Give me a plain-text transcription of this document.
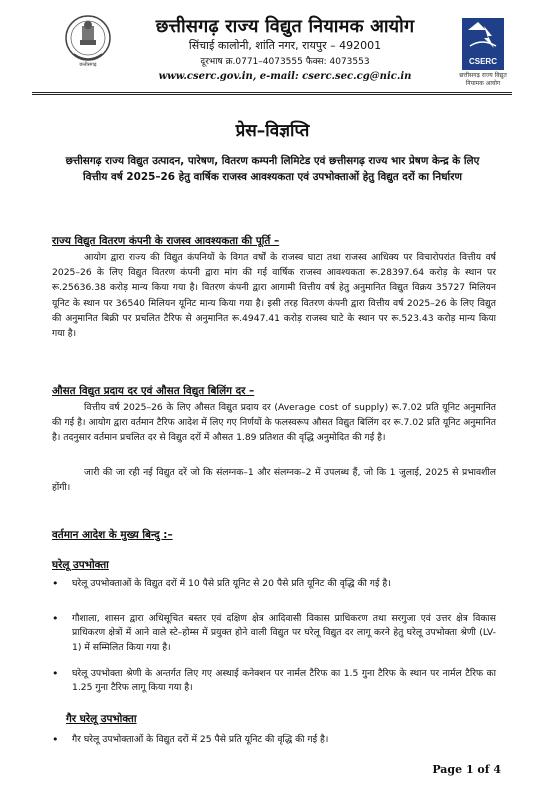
छत्तीसगढ़
छत्तीसगढ़ राज्य विद्युत नियामक आयोग
सिंचाई कालोनी, शांति नगर, रायपुर – 492001
दूरभाष क्र.0771–4073555 फैक्स: 4073553
www.cserc.gov.in, e-mail: cserc.sec.cg@nic.in
CSERC
छत्तीसगढ़ राज्य विद्युत नियामक आयोग
प्रेस–विज्ञप्ति
छत्तीसगढ़ राज्य विद्युत उत्पादन, पारेषण, वितरण कम्पनी लिमिटेड एवं छत्तीसगढ़ राज्य भार प्रेषण केन्द्र के लिए वित्तीय वर्ष 2025–26 हेतु वार्षिक राजस्व आवश्यकता एवं उपभोक्ताओं हेतु विद्युत दरों का निर्धारण
राज्य विद्युत वितरण कंपनी के राजस्व आवश्यकता की पूर्ति –
आयोग द्वारा राज्य की विद्युत कंपनियों के विगत वर्षों के राजस्व घाटा तथा राजस्व आधिक्य पर विचारोपरांत वित्तीय वर्ष 2025–26 के लिए विद्युत वितरण कंपनी द्वारा मांग की गई वार्षिक राजस्व आवश्यकता रू.28397.64 करोड़ के स्थान पर रू.25636.38 करोड़ मान्य किया गया है। वितरण कंपनी द्वारा आगामी वित्तीय वर्ष हेतु अनुमानित विद्युत विक्रय 35727 मिलियन यूनिट के स्थान पर 36540 मिलियन यूनिट मान्य किया गया है। इसी तरह वितरण कंपनी द्वारा वित्तीय वर्ष 2025–26 के लिए विद्युत की अनुमानित बिक्री पर प्रचलित टैरिफ से अनुमानित रू.4947.41 करोड़ राजस्व घाटे के स्थान पर रू.523.43 करोड़ मान्य किया गया है।
औसत विद्युत प्रदाय दर एवं औसत विद्युत बिलिंग दर –
वित्तीय वर्ष 2025–26 के लिए औसत विद्युत प्रदाय दर (Average cost of supply) रू.7.02 प्रति यूनिट अनुमानित की गई है। आयोग द्वारा वर्तमान टैरिफ आदेश में लिए गए निर्णयों के फलस्वरूप औसत विद्युत बिलिंग दर रू.7.02 प्रति यूनिट अनुमानित है। तदनुसार वर्तमान प्रचलित दर से विद्युत दरों में औसत 1.89 प्रतिशत की वृद्धि अनुमोदित की गई है।
जारी की जा रही नई विद्युत दरें जो कि संलग्नक–1 और संलग्नक–2 में उपलब्ध हैं, जो कि 1 जुलाई, 2025 से प्रभावशील होंगी।
वर्तमान आदेश के मुख्य बिन्दु :–
घरेलू उपभोक्ता
• घरेलू उपभोक्ताओं के विद्युत दरों में 10 पैसे प्रति यूनिट से 20 पैसे प्रति यूनिट की वृद्धि की गई है।
• गौशाला, शासन द्वारा अधिसूचित बस्तर एवं दक्षिण क्षेत्र आदिवासी विकास प्राधिकरण तथा सरगुजा एवं उत्तर क्षेत्र विकास प्राधिकरण क्षेत्रों में आने वाले स्टे–होम्स में प्रयुक्त होने वाली विद्युत पर घरेलू विद्युत दर लागू करने हेतु घरेलू उपभोक्ता श्रेणी (LV-1) में सम्मिलित किया गया है।
• घरेलू उपभोक्ता श्रेणी के अन्तर्गत लिए गए अस्थाई कनेक्शन पर नार्मल टैरिफ का 1.5 गुना टैरिफ के स्थान पर नार्मल टैरिफ का 1.25 गुना टैरिफ लागू किया गया है।
गैर घरेलू उपभोक्ता
• गैर घरेलू उपभोक्ताओं के विद्युत दरों में 25 पैसे प्रति यूनिट की वृद्धि की गई है।
Page 1 of 4
